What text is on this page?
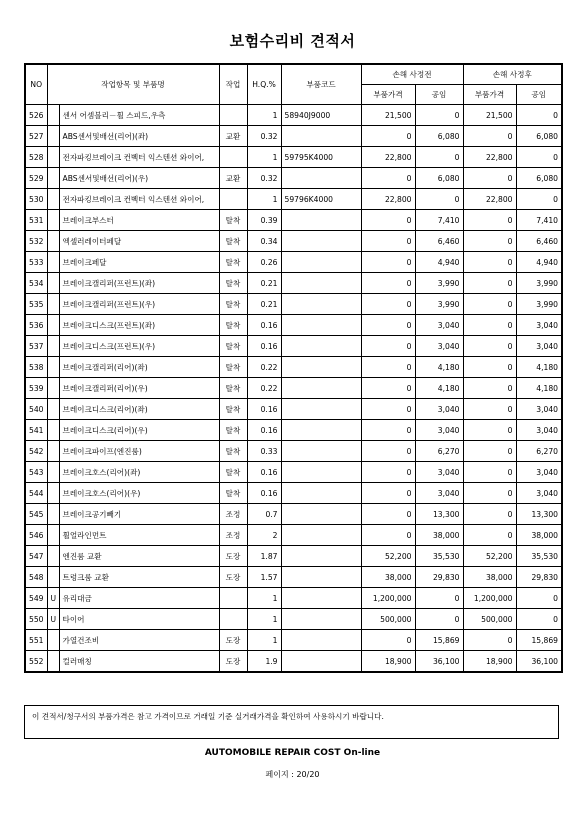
보험수리비 견적서
NO	작업항목 및 부품명		작업	H.Q.%	부품코드	손해 사정전		손해 사정후	
						부품가격	공임	부품가격	공임
526		센서 어셈블리－휠 스피드,우측		1	58940J9000	21,500	0	21,500	0
527		ABS센서및배선(리어)(좌)	교환	0.32		0	6,080	0	6,080
528		전자파킹브레이크 컨벡터 익스텐션 와이어,		1	59795K4000	22,800	0	22,800	0
529		ABS센서및배선(리어)(우)	교환	0.32		0	6,080	0	6,080
530		전자파킹브레이크 컨벡터 익스텐션 와이어,		1	59796K4000	22,800	0	22,800	0
531		브레이크부스터	탈착	0.39		0	7,410	0	7,410
532		엑셀러레이터페달	탈착	0.34		0	6,460	0	6,460
533		브레이크페달	탈착	0.26		0	4,940	0	4,940
534		브레이크캘리퍼(프런트)(좌)	탈착	0.21		0	3,990	0	3,990
535		브레이크캘리퍼(프런트)(우)	탈착	0.21		0	3,990	0	3,990
536		브레이크디스크(프런트)(좌)	탈착	0.16		0	3,040	0	3,040
537		브레이크디스크(프런트)(우)	탈착	0.16		0	3,040	0	3,040
538		브레이크캘리퍼(리어)(좌)	탈착	0.22		0	4,180	0	4,180
539		브레이크캘리퍼(리어)(우)	탈착	0.22		0	4,180	0	4,180
540		브레이크디스크(리어)(좌)	탈착	0.16		0	3,040	0	3,040
541		브레이크디스크(리어)(우)	탈착	0.16		0	3,040	0	3,040
542		브레이크파이프(엔진룸)	탈착	0.33		0	6,270	0	6,270
543		브레이크호스(리어)(좌)	탈착	0.16		0	3,040	0	3,040
544		브레이크호스(리어)(우)	탈착	0.16		0	3,040	0	3,040
545		브레이크공기빼기	조정	0.7		0	13,300	0	13,300
546		휠얼라인먼트	조정	2		0	38,000	0	38,000
547		엔진룸 교환	도장	1.87		52,200	35,530	52,200	35,530
548		트렁크룸 교환	도장	1.57		38,000	29,830	38,000	29,830
549	U	유리대금		1		1,200,000	0	1,200,000	0
550	U	타이어		1		500,000	0	500,000	0
551		가열건조비	도장	1		0	15,869	0	15,869
552		컬러매칭	도장	1.9		18,900	36,100	18,900	36,100
이 견적서/청구서의 부품가격은 참고 가격이므로 거래일 기준 실거래가격을 확인하여 사용하시기 바랍니다.
AUTOMOBILE REPAIR COST On-line
페이지 : 20/20
